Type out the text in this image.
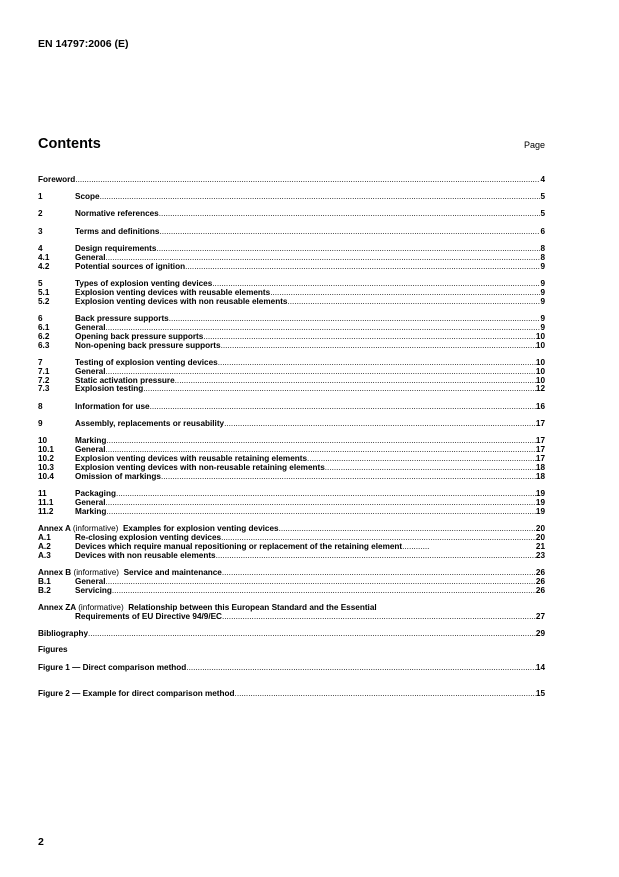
EN 14797:2006 (E)
Contents	Page
Foreword .....	4
1	Scope .....	5
2	Normative references .....	5
3	Terms and definitions .....	6
4	Design requirements .....	8
4.1	General .....	8
4.2	Potential sources of ignition .....	9
5	Types of explosion venting devices .....	9
5.1	Explosion venting devices with reusable elements .....	9
5.2	Explosion venting devices with non reusable elements .....	9
6	Back pressure supports .....	9
6.1	General .....	9
6.2	Opening back pressure supports .....	10
6.3	Non-opening back pressure supports .....	10
7	Testing of explosion venting devices .....	10
7.1	General .....	10
7.2	Static activation pressure .....	10
7.3	Explosion testing .....	12
8	Information for use .....	16
9	Assembly, replacements or reusability .....	17
10	Marking .....	17
10.1	General .....	17
10.2	Explosion venting devices with reusable retaining elements .....	17
10.3	Explosion venting devices with non-reusable retaining elements .....	18
10.4	Omission of markings .....	18
11	Packaging .....	19
11.1	General .....	19
11.2	Marking .....	19
Annex A (informative) Examples for explosion venting devices .....	20
A.1	Re-closing explosion venting devices .....	20
A.2	Devices which require manual repositioning or replacement of the retaining element .....	21
A.3	Devices with non reusable elements .....	23
Annex B (informative) Service and maintenance .....	26
B.1	General .....	26
B.2	Servicing .....	26
Annex ZA (informative) Relationship between this European Standard and the Essential
Requirements of EU Directive 94/9/EC .....	27
Bibliography .....	29
Figures
Figure 1 — Direct comparison method .....	14
Figure 2 — Example for direct comparison method .....	15
2
